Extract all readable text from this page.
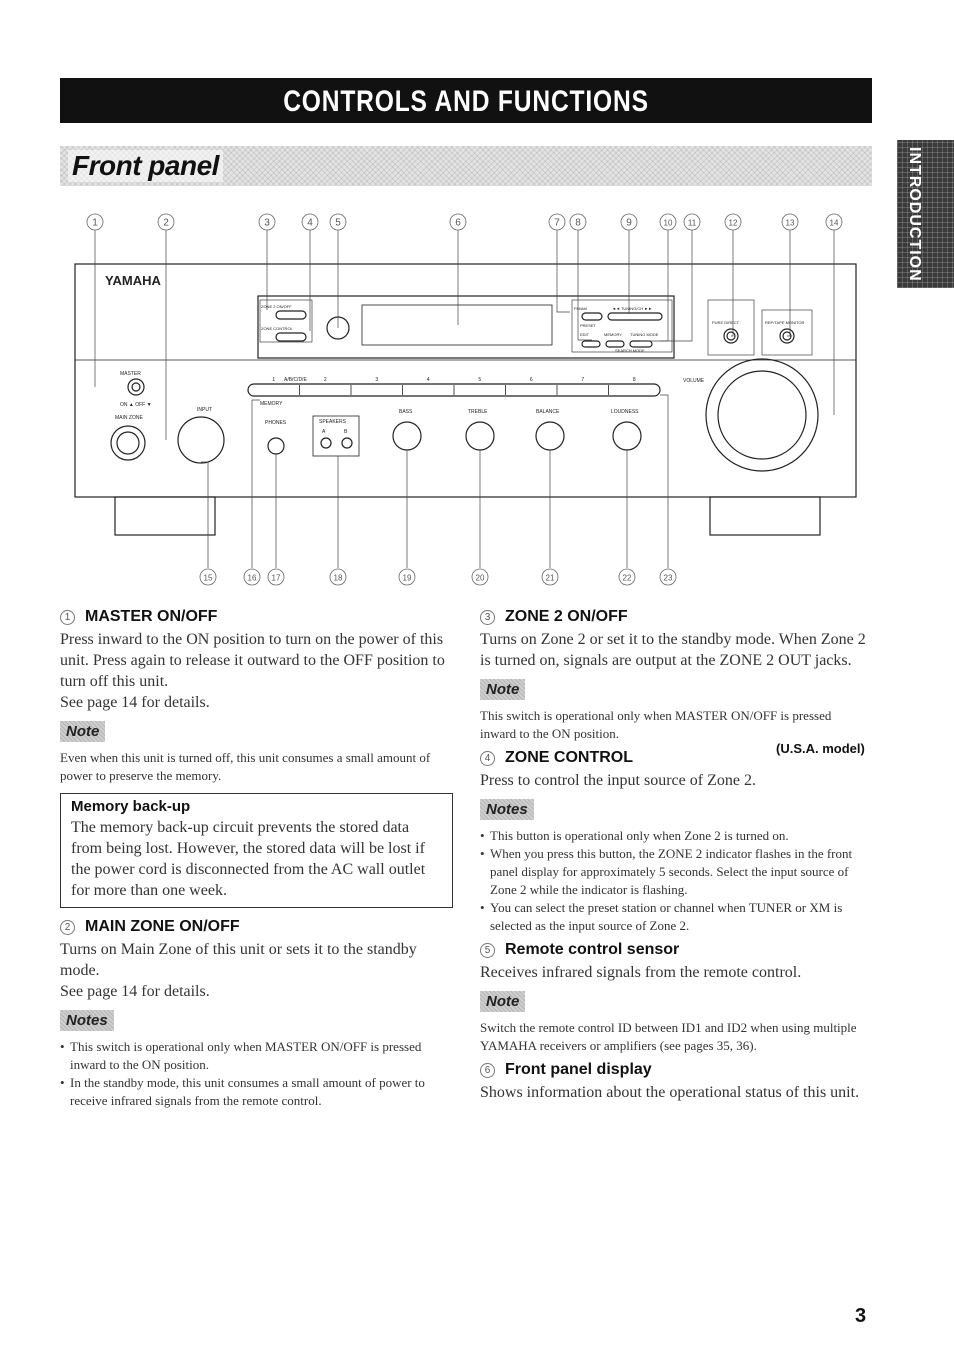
CONTROLS AND FUNCTIONS
Front panel	INTRODUCTION
1	2	3	4 5	6	7 8	9	10 11	12	13	14
15	16 17	18	19	20	21	22	23
YAMAHA
MASTER
ON ▲ OFF ▼
MAIN ZONE
INPUT
PHONES	SPEAKERS
A	B
BASS	TREBLE	BALANCE	LOUDNESS
VOLUME
A/B/C/D/E
MEMORY
ZONE 2 ON/OFF
ZONE CONTROL
FM/AM	◄◄ TUNING/CH ►►
PRESET
EDIT	MEMORY TUNING MODE
SEARCH MODE
PURE DIRECT	REP/TAPE MONITOR
1	2	3	4	5	6	7	8
(U.S.A. model)
1 MASTER ON/OFF

Press inward to the ON position to turn on the power of this unit. Press again to release it outward to the OFF position to turn off this unit.

See page 14 for details.

Note

Even when this unit is turned off, this unit consumes a small amount of power to preserve the memory.

Memory back-up

The memory back-up circuit prevents the stored data from being lost. However, the stored data will be lost if the power cord is disconnected from the AC wall outlet for more than one week.

2 MAIN ZONE ON/OFF

Turns on Main Zone of this unit or sets it to the standby mode.

See page 14 for details.

Notes
• This switch is operational only when MASTER ON/OFF is pressed inward to the ON position.
• In the standby mode, this unit consumes a small amount of power to receive infrared signals from the remote control.
3 ZONE 2 ON/OFF

Turns on Zone 2 or set it to the standby mode. When Zone 2 is turned on, signals are output at the ZONE 2 OUT jacks.

Note

This switch is operational only when MASTER ON/OFF is pressed inward to the ON position.

4 ZONE CONTROL

Press to control the input source of Zone 2.

Notes
• This button is operational only when Zone 2 is turned on.
• When you press this button, the ZONE 2 indicator flashes in the front panel display for approximately 5 seconds. Select the input source of Zone 2 while the indicator is flashing.
• You can select the preset station or channel when TUNER or XM is selected as the input source of Zone 2.
5 Remote control sensor

Receives infrared signals from the remote control.

Note

Switch the remote control ID between ID1 and ID2 when using multiple YAMAHA receivers or amplifiers (see pages 35, 36).

6 Front panel display

Shows information about the operational status of this unit.

3
